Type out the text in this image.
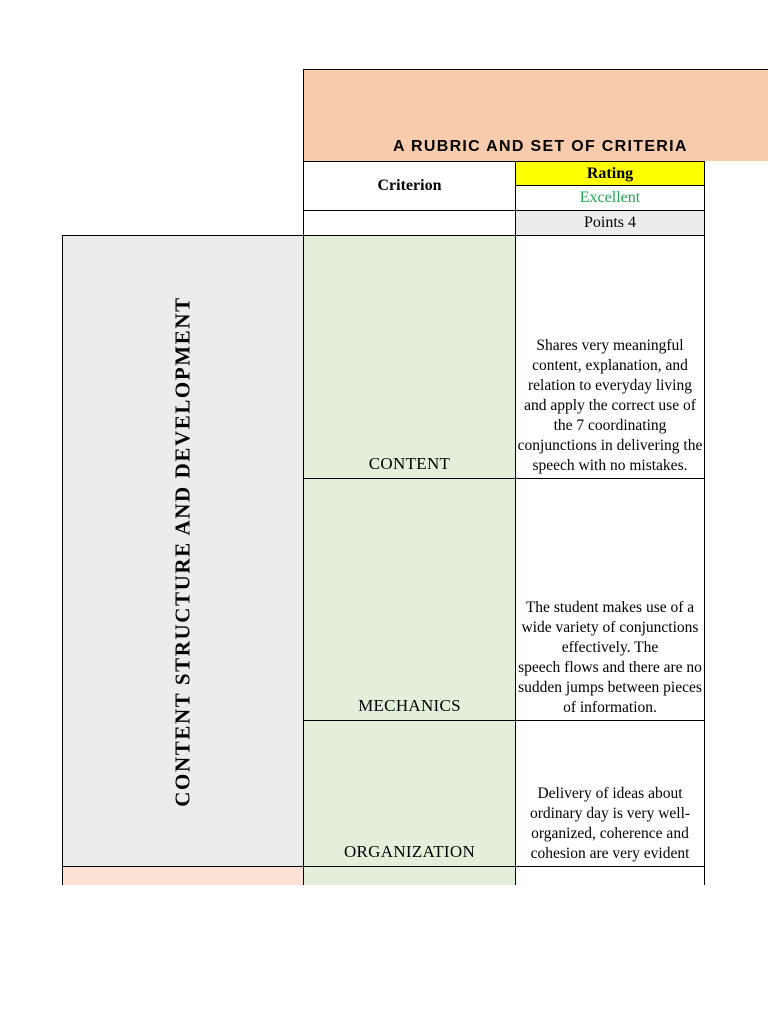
A RUBRIC AND SET OF CRITERIA
Criterion
Rating
Excellent
Points 4
CONTENT STRUCTURE AND DEVELOPMENT	CONTENT
Shares very meaningful content, explanation, and relation to everyday living and apply the correct use of the 7 coordinating conjunctions in delivering the speech with no mistakes.
MECHANICS
The student makes use of a wide variety of conjunctions effectively. The
speech flows and there are no sudden jumps between pieces of information.
ORGANIZATION
Delivery of ideas about ordinary day is very well-organized, coherence and cohesion are very evident
